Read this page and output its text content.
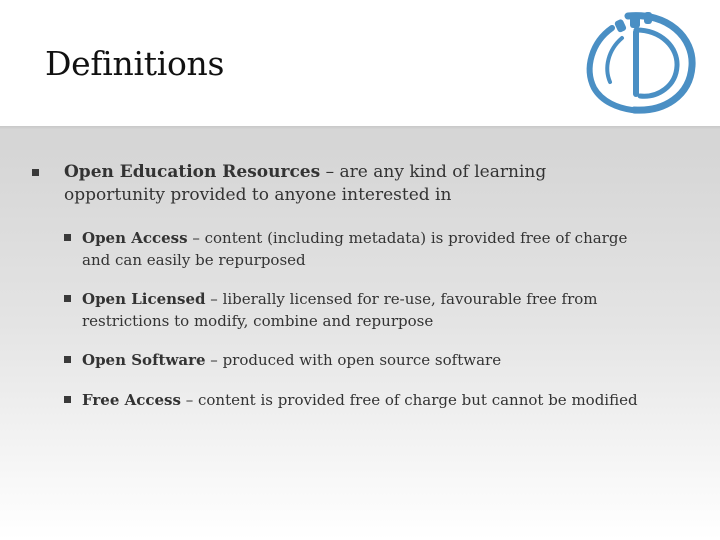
Definitions
Open Education Resources – are any kind of learning opportunity provided to anyone interested in
Open Access – content (including metadata) is provided free of charge and can easily be repurposed
Open Licensed – liberally licensed for re-use, favourable free from restrictions to modify, combine and repurpose
Open Software – produced with open source software
Free Access – content is provided free of charge but cannot be modified
